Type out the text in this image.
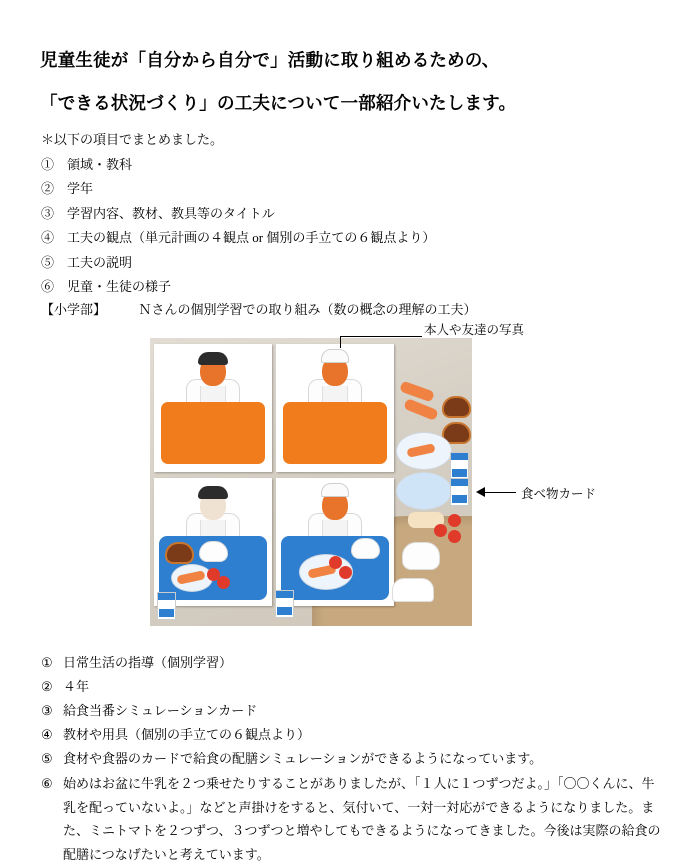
児童生徒が「自分から自分で」活動に取り組めるための、
「できる状況づくり」の工夫について一部紹介いたします。
＊以下の項目でまとめました。
①　領域・教科
②　学年
③　学習内容、教材、教具等のタイトル
④　工夫の観点（単元計画の４観点 or 個別の手立ての６観点より）
⑤　工夫の説明
⑥　児童・生徒の様子
【小学部】	Ｎさんの個別学習での取り組み（数の概念の理解の工夫）
本人や友達の写真
食べ物カード
① 日常生活の指導（個別学習）
② ４年
③ 給食当番シミュレーションカード
④ 教材や用具（個別の手立ての６観点より）
⑤ 食材や食器のカードで給食の配膳シミュレーションができるようになっています。
⑥ 始めはお盆に牛乳を２つ乗せたりすることがありましたが、「１人に１つずつだよ。」「〇〇くんに、牛乳を配っていないよ。」などと声掛けをすると、気付いて、一対一対応ができるようになりました。また、ミニトマトを２つずつ、３つずつと増やしてもできるようになってきました。今後は実際の給食の配膳につなげたいと考えています。
